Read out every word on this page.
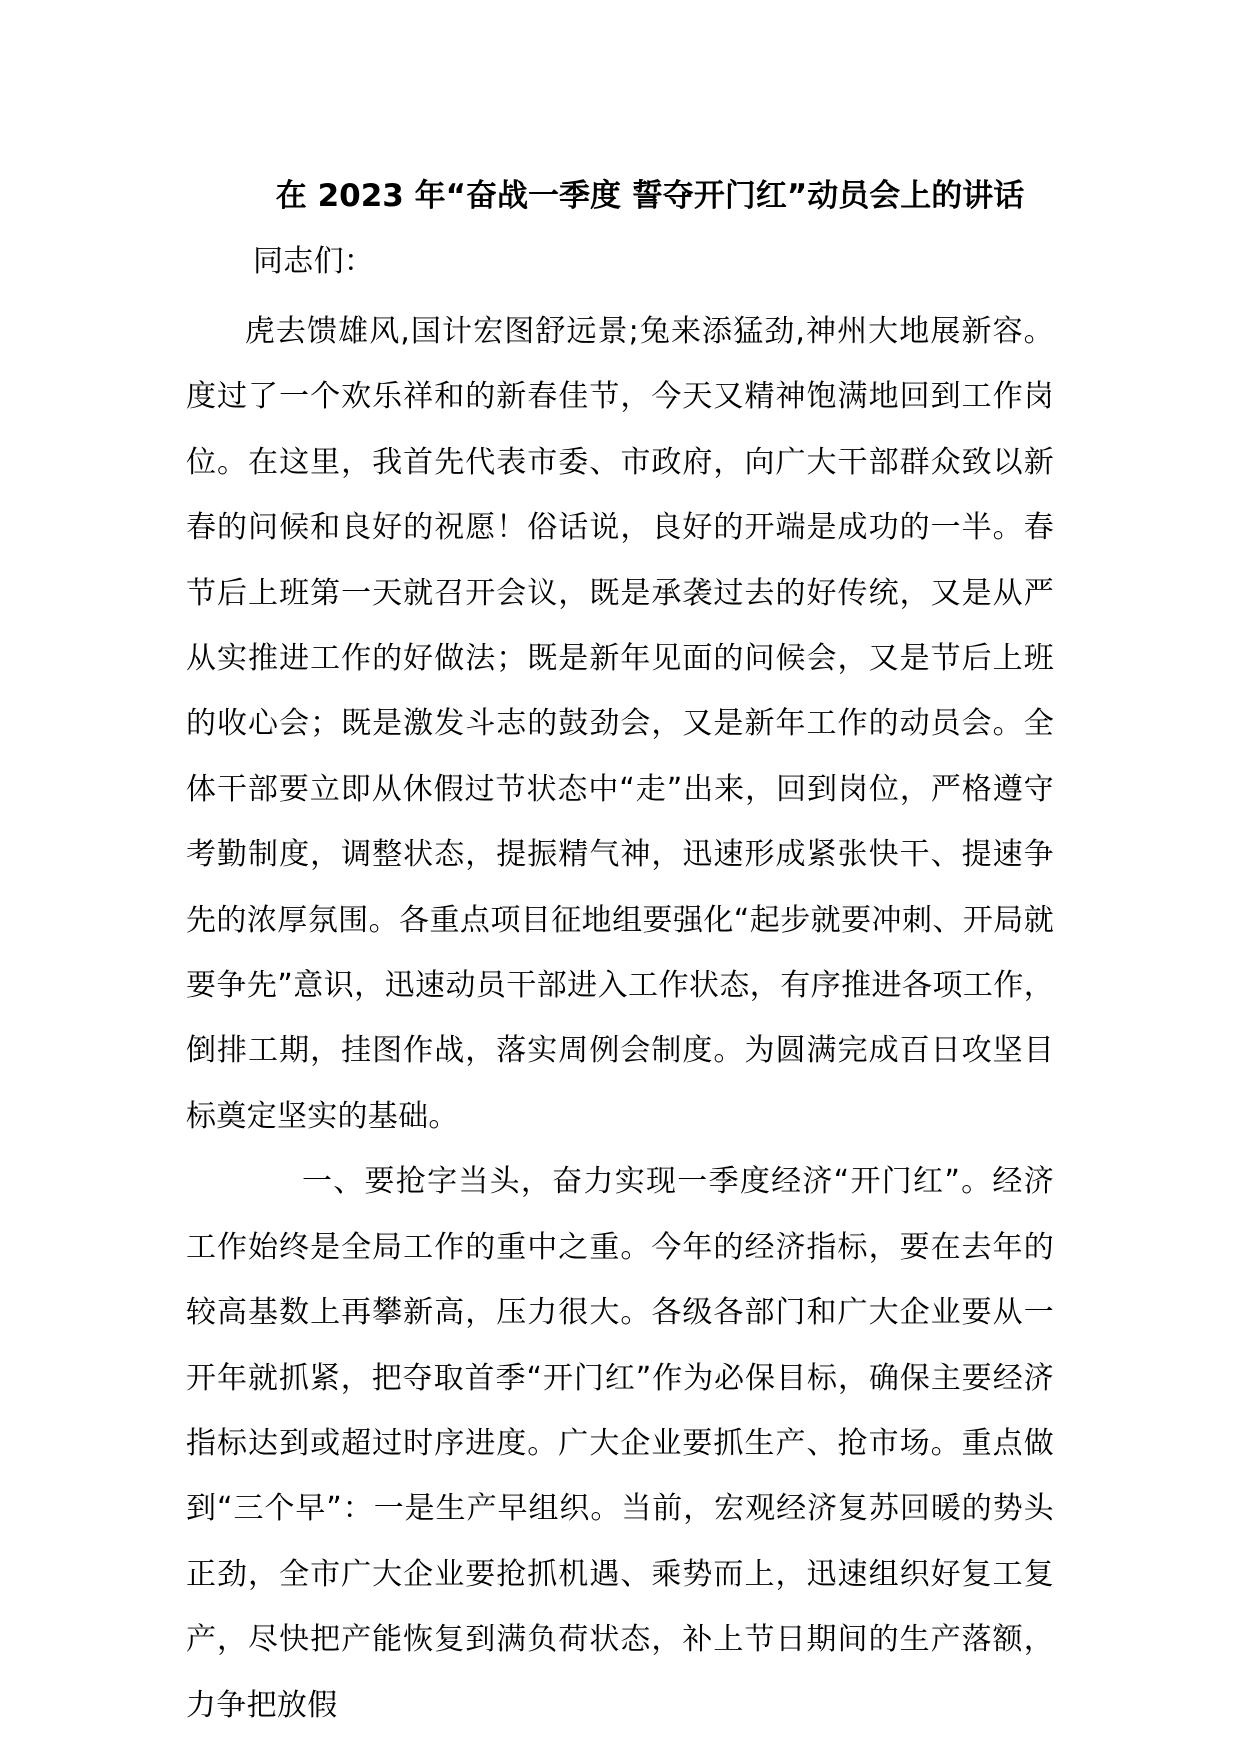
在 2023 年“奋战一季度 誓夺开门红”动员会上的讲话

同志们：

虎去馈雄风,国计宏图舒远景;兔来添猛劲,神州大地展新容。度过了一个欢乐祥和的新春佳节，今天又精神饱满地回到工作岗位。在这里，我首先代表市委、市政府，向广大干部群众致以新春的问候和良好的祝愿！俗话说，良好的开端是成功的一半。春节后上班第一天就召开会议，既是承袭过去的好传统，又是从严从实推进工作的好做法；既是新年见面的问候会，又是节后上班的收心会；既是激发斗志的鼓劲会，又是新年工作的动员会。全体干部要立即从休假过节状态中“走”出来，回到岗位，严格遵守考勤制度，调整状态，提振精气神，迅速形成紧张快干、提速争先的浓厚氛围。各重点项目征地组要强化“起步就要冲刺、开局就要争先”意识，迅速动员干部进入工作状态，有序推进各项工作，倒排工期，挂图作战，落实周例会制度。为圆满完成百日攻坚目标奠定坚实的基础。

一、要抢字当头，奋力实现一季度经济“开门红”。经济工作始终是全局工作的重中之重。今年的经济指标，要在去年的较高基数上再攀新高，压力很大。各级各部门和广大企业要从一开年就抓紧，把夺取首季“开门红”作为必保目标，确保主要经济指标达到或超过时序进度。广大企业要抓生产、抢市场。重点做到“三个早”：一是生产早组织。当前，宏观经济复苏回暖的势头正劲，全市广大企业要抢抓机遇、乘势而上，迅速组织好复工复产，尽快把产能恢复到满负荷状态，补上节日期间的生产落额，力争把放假
